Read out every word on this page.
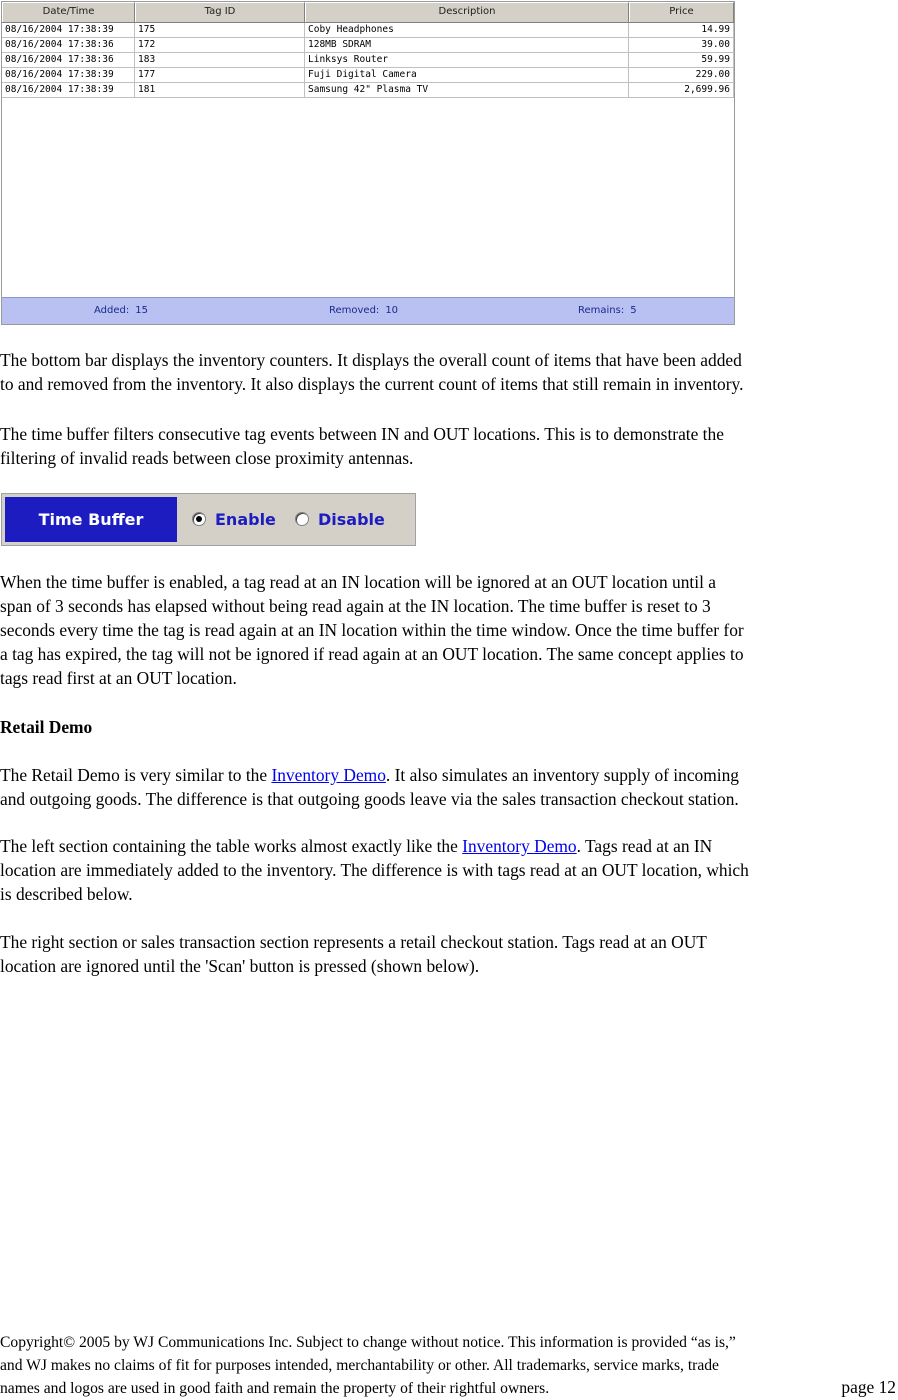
Date/Time	Tag ID	Description	Price
08/16/2004 17:38:39	175	Coby Headphones	14.99
08/16/2004 17:38:36	172	128MB SDRAM	39.00
08/16/2004 17:38:36	183	Linksys Router	59.99
08/16/2004 17:38:39	177	Fuji Digital Camera	229.00
08/16/2004 17:38:39	181	Samsung 42" Plasma TV	2,699.96
Added: 15	Removed: 10	Remains: 5

The bottom bar displays the inventory counters. It displays the overall count of items that have been added
to and removed from the inventory. It also displays the current count of items that still remain in inventory.

The time buffer filters consecutive tag events between IN and OUT locations. This is to demonstrate the
filtering of invalid reads between close proximity antennas.

Time Buffer	Enable	Disable

When the time buffer is enabled, a tag read at an IN location will be ignored at an OUT location until a
span of 3 seconds has elapsed without being read again at the IN location. The time buffer is reset to 3
seconds every time the tag is read again at an IN location within the time window. Once the time buffer for
a tag has expired, the tag will not be ignored if read again at an OUT location. The same concept applies to
tags read first at an OUT location.

Retail Demo

The Retail Demo is very similar to the Inventory Demo. It also simulates an inventory supply of incoming
and outgoing goods. The difference is that outgoing goods leave via the sales transaction checkout station.

The left section containing the table works almost exactly like the Inventory Demo. Tags read at an IN
location are immediately added to the inventory. The difference is with tags read at an OUT location, which
is described below.

The right section or sales transaction section represents a retail checkout station. Tags read at an OUT
location are ignored until the 'Scan' button is pressed (shown below).

Copyright© 2005 by WJ Communications Inc. Subject to change without notice. This information is provided “as is,”
and WJ makes no claims of fit for purposes intended, merchantability or other. All trademarks, service marks, trade
names and logos are used in good faith and remain the property of their rightful owners.	page 12
